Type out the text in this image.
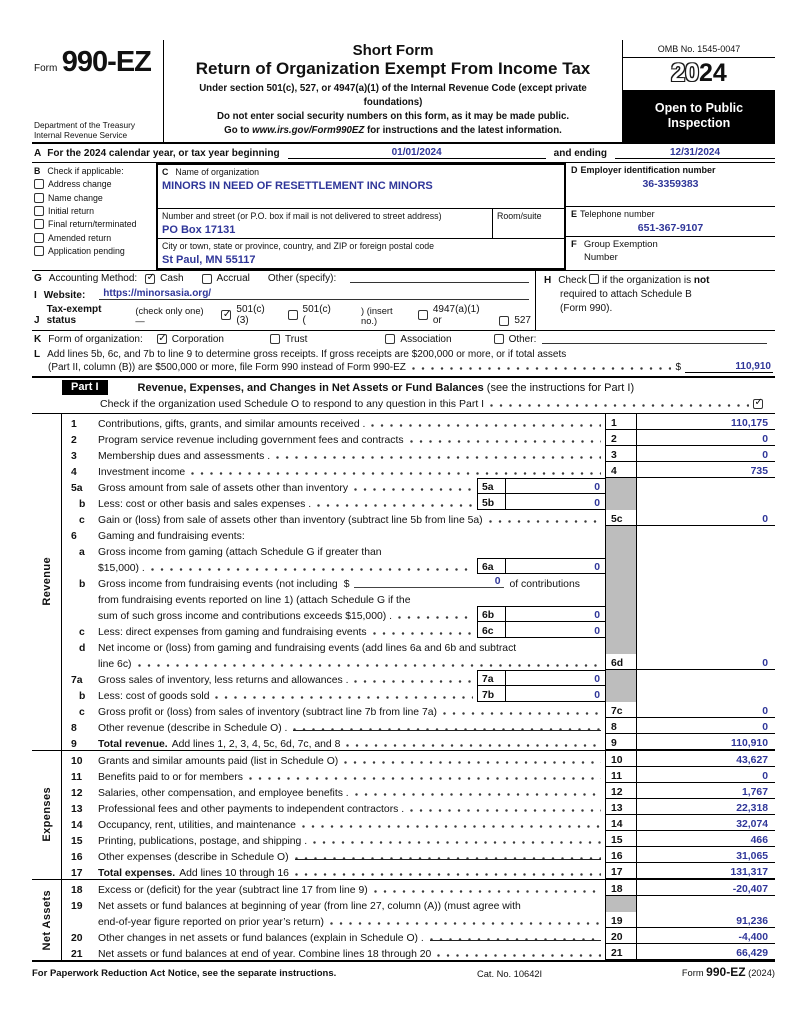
Form 990-EZ
Department of the Treasury
Internal Revenue Service
Short Form
Return of Organization Exempt From Income Tax
Under section 501(c), 527, or 4947(a)(1) of the Internal Revenue Code (except private foundations)
Do not enter social security numbers on this form, as it may be made public.
Go to www.irs.gov/Form990EZ for instructions and the latest information.
OMB No. 1545-0047
2024
Open to Public
Inspection
A For the 2024 calendar year, or tax year beginning	01/01/2024	and ending	12/31/2024
B Check if applicable:
Address change
Name change
Initial return
Final return/terminated
Amended return
Application pending
C Name of organization
MINORS IN NEED OF RESETTLEMENT INC MINORS
Number and street (or P.O. box if mail is not delivered to street address)
PO Box 17131
Room/suite
City or town, state or province, country, and ZIP or foreign postal code
St Paul, MN 55117
D Employer identification number
36-3359383
E Telephone number
651-367-9107
F Group Exemption
Number
G Accounting Method: ✓ Cash	Accrual Other (specify):
I Website: https://minorsasia.org/
J
Tax-exempt status
(check only one) —
✓
501(c)(3)
501(c) (
) (insert no.)
4947(a)(1) or	527
H Check if the organization is not
required to attach Schedule B
(Form 990).
K Form of organization: ✓	Corporation	Trust	Association	Other:
L Add lines 5b, 6c, and 7b to line 9 to determine gross receipts. If gross receipts are $200,000 or more, or if total assets
(Part II, column (B)) are $500,000 or more, file Form 990 instead of Form 990-EZ	$	110,910
Part I	Revenue, Expenses, and Changes in Net Assets or Fund Balances (see the instructions for Part I)
Check if the organization used Schedule O to respond to any question in this Part I
✓
Revenue
1	Contributions, gifts, grants, and similar amounts received .	1	110,175
2	Program service revenue including government fees and contracts	2	0
3	Membership dues and assessments .	3	0
4	Investment income	4	735
5a	Gross amount from sale of assets other than inventory	5a	0
b	Less: cost or other basis and sales expenses .	5b	0
c	Gain or (loss) from sale of assets other than inventory (subtract line 5b from line 5a)	5c	0
6	Gaming and fundraising events:
a	Gross income from gaming (attach Schedule G if greater than
$15,000) .	6a	0
b	Gross income from fundraising events (not including $	0 of contributions
from fundraising events reported on line 1) (attach Schedule G if the
sum of such gross income and contributions exceeds $15,000) .	6b	0
c	Less: direct expenses from gaming and fundraising events	6c	0
d	Net income or (loss) from gaming and fundraising events (add lines 6a and 6b and subtract
line 6c)	6d	0
7a	Gross sales of inventory, less returns and allowances .	7a	0
b	Less: cost of goods sold	7b	0
c	Gross profit or (loss) from sales of inventory (subtract line 7b from line 7a)	7c	0
8	Other revenue (describe in Schedule O) .	8	0
9	Total revenue. Add lines 1, 2, 3, 4, 5c, 6d, 7c, and 8	9	110,910
Expenses
10	Grants and similar amounts paid (list in Schedule O)	10	43,627
11	Benefits paid to or for members	11	0
12	Salaries, other compensation, and employee benefits .	12	1,767
13	Professional fees and other payments to independent contractors .	13	22,318
14	Occupancy, rent, utilities, and maintenance	14	32,074
15	Printing, publications, postage, and shipping .	15	466
16	Other expenses (describe in Schedule O)	16	31,065
17	Total expenses. Add lines 10 through 16	17	131,317
Net Assets	18	Excess or (deficit) for the year (subtract line 17 from line 9)	18	-20,407
19	Net assets or fund balances at beginning of year (from line 27, column (A)) (must agree with
end-of-year figure reported on prior year’s return)	19	91,236
20	Other changes in net assets or fund balances (explain in Schedule O) .	20	-4,400
21	Net assets or fund balances at end of year. Combine lines 18 through 20	21	66,429
For Paperwork Reduction Act Notice, see the separate instructions.	Cat. No. 10642I	Form 990-EZ (2024)
